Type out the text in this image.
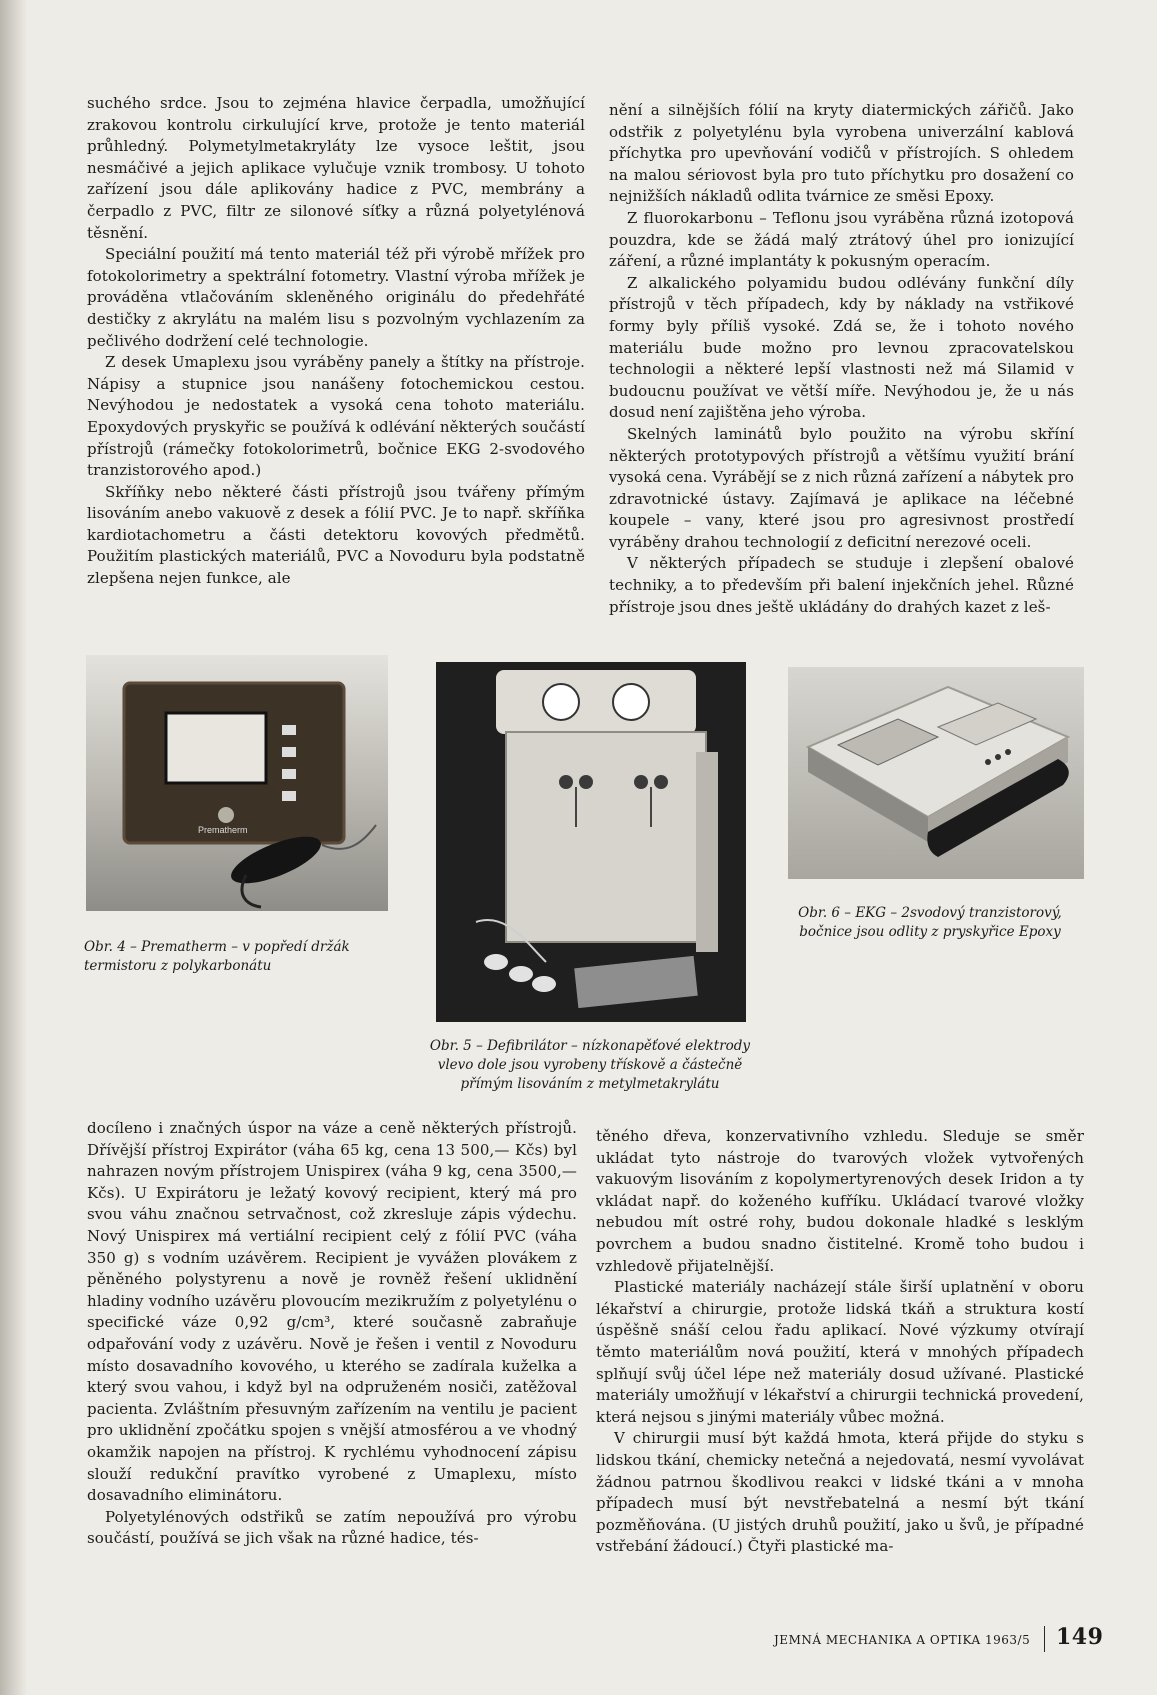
suchého srdce. Jsou to zejména hlavice čerpadla, umožňující zrakovou kontrolu cirkulující krve, protože je tento materiál průhledný. Polymetylmetakryláty lze vysoce leštit, jsou nesmáčivé a jejich aplikace vylučuje vznik trombosy. U tohoto zařízení jsou dále aplikovány hadice z PVC, membrány a čerpadlo z PVC, filtr ze silonové síťky a různá polyetylénová těsnění.

Speciální použití má tento materiál též při výrobě mřížek pro fotokolorimetry a spektrální fotometry. Vlastní výroba mřížek je prováděna vtlačováním skleněného originálu do předehřáté destičky z akrylátu na malém lisu s pozvolným vychlazením za pečlivého dodržení celé technologie.

Z desek Umaplexu jsou vyráběny panely a štítky na přístroje. Nápisy a stupnice jsou nanášeny fotochemickou cestou. Nevýhodou je nedostatek a vysoká cena tohoto materiálu. Epoxydových pryskyřic se používá k odlévání některých součástí přístrojů (rámečky fotokolorimetrů, bočnice EKG 2-svodového tranzistorového apod.)

Skříňky nebo některé části přístrojů jsou tvářeny přímým lisováním anebo vakuově z desek a fólií PVC. Je to např. skříňka kardiotachometru a části detektoru kovových předmětů. Použitím plastických materiálů, PVC a Novoduru byla podstatně zlepšena nejen funkce, ale

nění a silnějších fólií na kryty diatermických zářičů. Jako odstřik z polyetylénu byla vyrobena univerzální kablová příchytka pro upevňování vodičů v přístrojích. S ohledem na malou sériovost byla pro tuto příchytku pro dosažení co nejnižších nákladů odlita tvárnice ze směsi Epoxy.

Z fluorokarbonu – Teflonu jsou vyráběna různá izotopová pouzdra, kde se žádá malý ztrátový úhel pro ionizující záření, a různé implantáty k pokusným operacím.

Z alkalického polyamidu budou odlévány funkční díly přístrojů v těch případech, kdy by náklady na vstřikové formy byly příliš vysoké. Zdá se, že i tohoto nového materiálu bude možno pro levnou zpracovatelskou technologii a některé lepší vlastnosti než má Silamid v budoucnu používat ve větší míře. Nevýhodou je, že u nás dosud není zajištěna jeho výroba.

Skelných laminátů bylo použito na výrobu skříní některých prototypových přístrojů a většímu využití brání vysoká cena. Vyrábějí se z nich různá zařízení a nábytek pro zdravotnické ústavy. Zajímavá je aplikace na léčebné koupele – vany, které jsou pro agresivnost prostředí vyráběny drahou technologií z deficitní nerezové oceli.

V některých případech se studuje i zlepšení obalové techniky, a to především při balení injekčních jehel. Různé přístroje jsou dnes ještě ukládány do drahých kazet z leš-

Prematherm
Obr. 4 – Prematherm – v popředí držák termistoru z polykarbonátu
Obr. 5 – Defibrilátor – nízkonapěťové elektrody vlevo dole jsou vyrobeny třískově a částečně přímým lisováním z metylmetakrylátu
Obr. 6 – EKG – 2svodový tranzistorový, bočnice jsou odlity z pryskyřice Epoxy

docíleno i značných úspor na váze a ceně některých přístrojů. Dřívější přístroj Expirátor (váha 65 kg, cena 13 500,— Kčs) byl nahrazen novým přístrojem Unispirex (váha 9 kg, cena 3500,— Kčs). U Expirátoru je ležatý kovový recipient, který má pro svou váhu značnou setrvačnost, což zkresluje zápis výdechu. Nový Unispirex má vertiální recipient celý z fólií PVC (váha 350 g) s vodním uzávěrem. Recipient je vyvážen plovákem z pěněného polystyrenu a nově je rovněž řešení uklidnění hladiny vodního uzávěru plovoucím mezikružím z polyetylénu o specifické váze 0,92 g/cm³, které současně zabraňuje odpařování vody z uzávěru. Nově je řešen i ventil z Novoduru místo dosavadního kovového, u kterého se zadírala kuželka a který svou vahou, i když byl na odpruženém nosiči, zatěžoval pacienta. Zvláštním přesuvným zařízením na ventilu je pacient pro uklidnění zpočátku spojen s vnější atmosférou a ve vhodný okamžik napojen na přístroj. K rychlému vyhodnocení zápisu slouží redukční pravítko vyrobené z Umaplexu, místo dosavadního eliminátoru.

Polyetylénových odstřiků se zatím nepoužívá pro výrobu součástí, používá se jich však na různé hadice, tés-

těného dřeva, konzervativního vzhledu. Sleduje se směr ukládat tyto nástroje do tvarových vložek vytvořených vakuovým lisováním z kopolymertyrenových desek Iridon a ty vkládat např. do koženého kufříku. Ukládací tvarové vložky nebudou mít ostré rohy, budou dokonale hladké s lesklým povrchem a budou snadno čistitelné. Kromě toho budou i vzhledově přijatelnější.

Plastické materiály nacházejí stále širší uplatnění v oboru lékařství a chirurgie, protože lidská tkáň a struktura kostí úspěšně snáší celou řadu aplikací. Nové výzkumy otvírají těmto materiálům nová použití, která v mnohých případech splňují svůj účel lépe než materiály dosud užívané. Plastické materiály umožňují v lékařství a chirurgii technická provedení, která nejsou s jinými materiály vůbec možná.

V chirurgii musí být každá hmota, která přijde do styku s lidskou tkání, chemicky netečná a nejedovatá, nesmí vyvolávat žádnou patrnou škodlivou reakci v lidské tkáni a v mnoha případech musí být nevstřebatelná a nesmí být tkání pozměňována. (U jistých druhů použití, jako u švů, je případné vstřebání žádoucí.) Čtyři plastické ma-

JEMNÁ MECHANIKA A OPTIKA 1963/5 149
